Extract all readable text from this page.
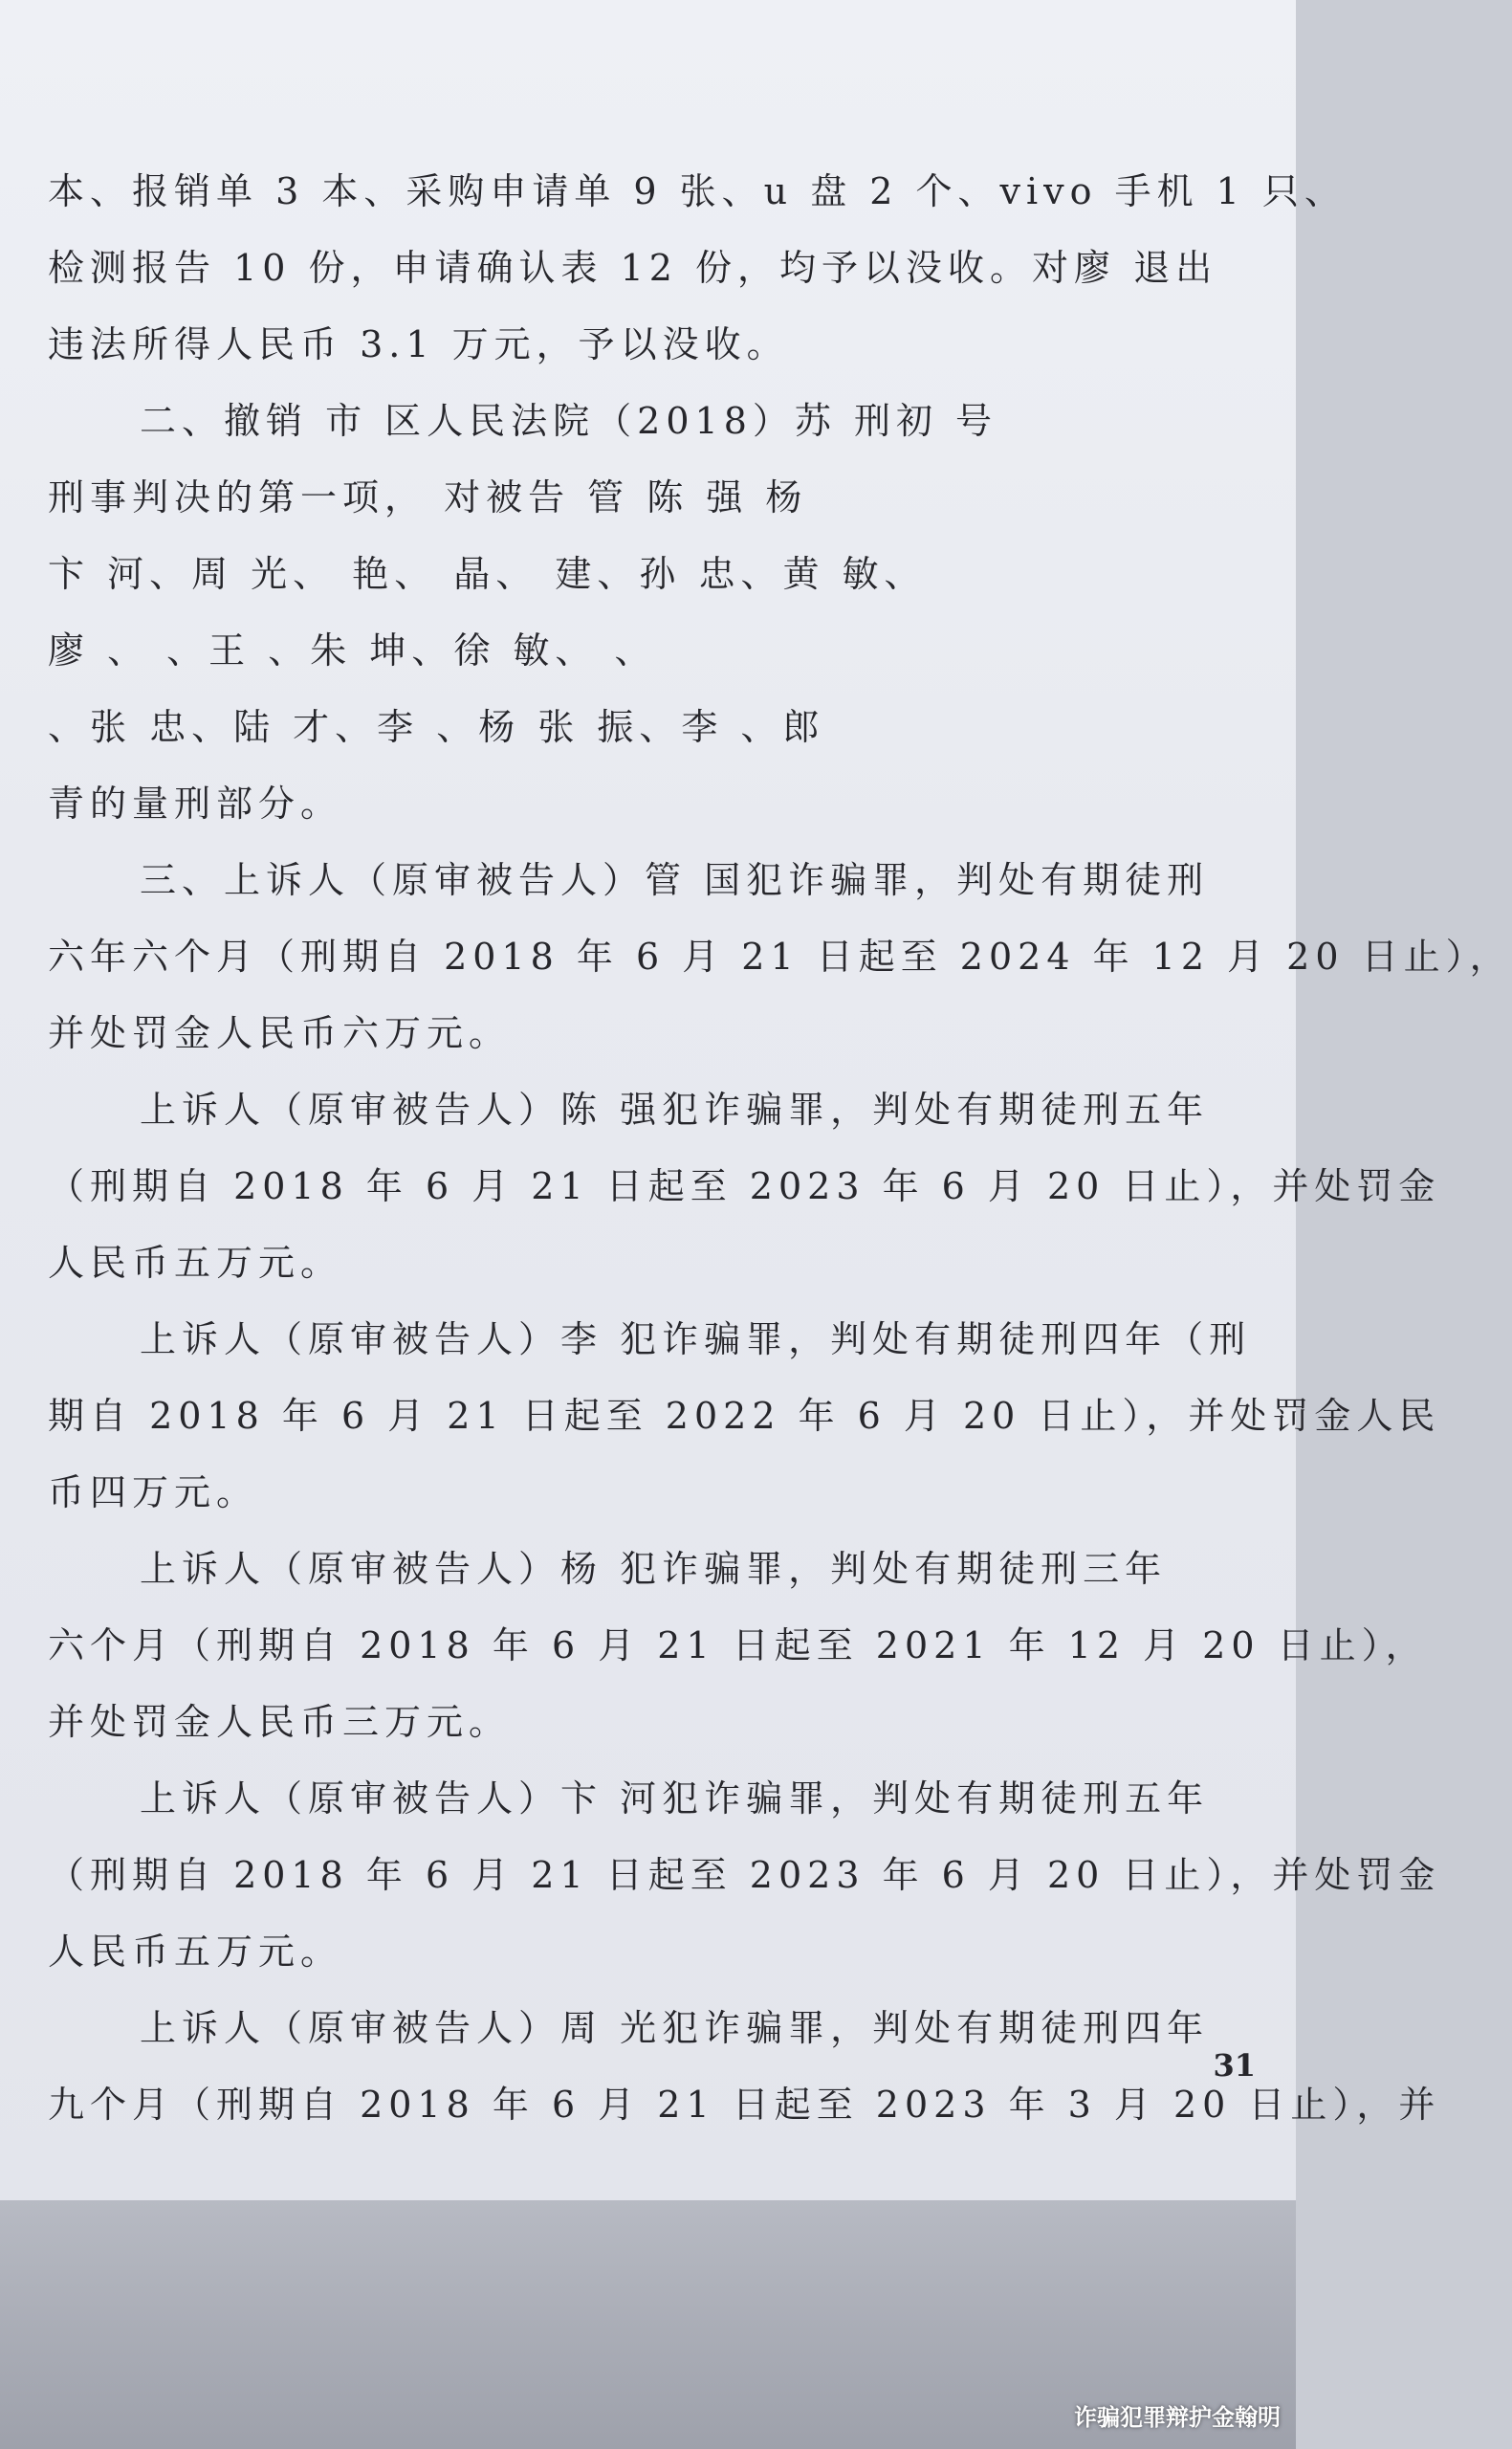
本、报销单 3 本、采购申请单 9 张、u 盘 2 个、vivo 手机 1 只、
检测报告 10 份，申请确认表 12 份，均予以没收。对廖 退出
违法所得人民币 3.1 万元，予以没收。
二、撤销 市 区人民法院（2018）苏 刑初 号
刑事判决的第一项， 对被告 管 陈 强 杨
卞 河、周 光、 艳、 晶、 建、孙 忠、黄 敏、
廖 、 、王 、朱 坤、徐 敏、 、
、张 忠、陆 才、李 、杨 张 振、李 、郎
青的量刑部分。
三、上诉人（原审被告人）管 国犯诈骗罪，判处有期徒刑
六年六个月（刑期自 2018 年 6 月 21 日起至 2024 年 12 月 20 日止），
并处罚金人民币六万元。
上诉人（原审被告人）陈 强犯诈骗罪，判处有期徒刑五年
（刑期自 2018 年 6 月 21 日起至 2023 年 6 月 20 日止），并处罚金
人民币五万元。
上诉人（原审被告人）李 犯诈骗罪，判处有期徒刑四年（刑
期自 2018 年 6 月 21 日起至 2022 年 6 月 20 日止），并处罚金人民
币四万元。
上诉人（原审被告人）杨 犯诈骗罪，判处有期徒刑三年
六个月（刑期自 2018 年 6 月 21 日起至 2021 年 12 月 20 日止），
并处罚金人民币三万元。
上诉人（原审被告人）卞 河犯诈骗罪，判处有期徒刑五年
（刑期自 2018 年 6 月 21 日起至 2023 年 6 月 20 日止），并处罚金
人民币五万元。
上诉人（原审被告人）周 光犯诈骗罪，判处有期徒刑四年
九个月（刑期自 2018 年 6 月 21 日起至 2023 年 3 月 20 日止），并
31
诈骗犯罪辩护金翰明
